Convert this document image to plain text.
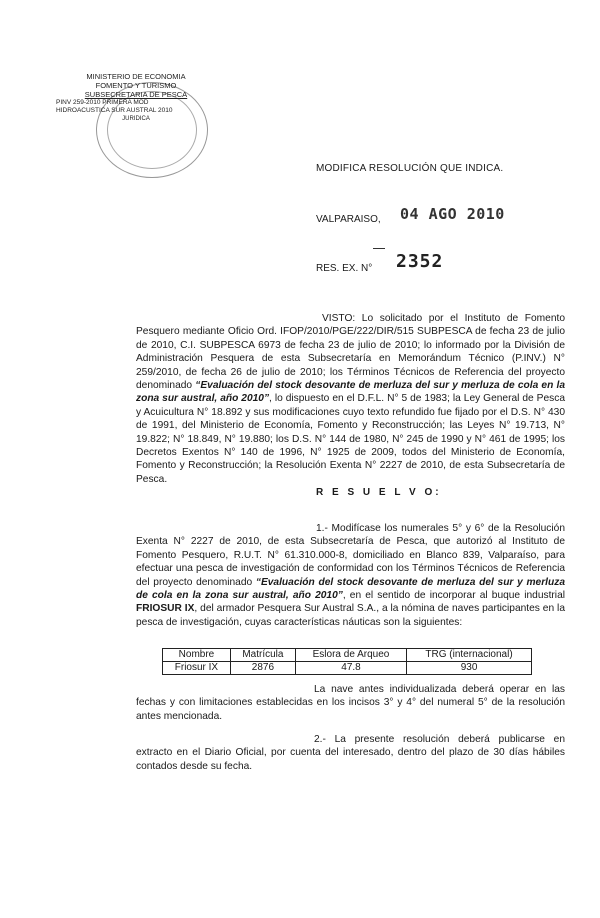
MINISTERIO DE ECONOMIA
FOMENTO Y TURISMO
SUBSECRETARIA DE PESCA
PINV 259-2010 PRIMERA MOD
HIDROACUSTICA SUR AUSTRAL 2010
JURIDICA
MODIFICA RESOLUCIÓN QUE INDICA.
VALPARAISO, 04 AGO 2010
RES. EX. N° 2352
VISTO: Lo solicitado por el Instituto de Fomento Pesquero mediante Oficio Ord. IFOP/2010/PGE/222/DIR/515 SUBPESCA de fecha 23 de julio de 2010, C.I. SUBPESCA 6973 de fecha 23 de julio de 2010; lo informado por la División de Administración Pesquera de esta Subsecretaría en Memorándum Técnico (P.INV.) N° 259/2010, de fecha 26 de julio de 2010; los Términos Técnicos de Referencia del proyecto denominado “Evaluación del stock desovante de merluza del sur y merluza de cola en la zona sur austral, año 2010”, lo dispuesto en el D.F.L. N° 5 de 1983; la Ley General de Pesca y Acuicultura N° 18.892 y sus modificaciones cuyo texto refundido fue fijado por el D.S. N° 430 de 1991, del Ministerio de Economía, Fomento y Reconstrucción; las Leyes N° 19.713, N° 19.822; N° 18.849, N° 19.880; los D.S. N° 144 de 1980, N° 245 de 1990 y N° 461 de 1995; los Decretos Exentos N° 140 de 1996, N° 1925 de 2009, todos del Ministerio de Economía, Fomento y Reconstrucción; la Resolución Exenta N° 2227 de 2010, de esta Subsecretaría de Pesca.
R E S U E L V O:
1.- Modifícase los numerales 5° y 6° de la Resolución Exenta N° 2227 de 2010, de esta Subsecretaría de Pesca, que autorizó al Instituto de Fomento Pesquero, R.U.T. N° 61.310.000-8, domiciliado en Blanco 839, Valparaíso, para efectuar una pesca de investigación de conformidad con los Términos Técnicos de Referencia del proyecto denominado “Evaluación del stock desovante de merluza del sur y merluza de cola en la zona sur austral, año 2010”, en el sentido de incorporar al buque industrial FRIOSUR IX, del armador Pesquera Sur Austral S.A., a la nómina de naves participantes en la pesca de investigación, cuyas características náuticas son la siguientes:
Nombre	Matrícula	Eslora de Arqueo	TRG (internacional)
Friosur IX	2876	47.8	930
La nave antes individualizada deberá operar en las fechas y con limitaciones establecidas en los incisos 3° y 4° del numeral 5° de la resolución antes mencionada.
2.- La presente resolución deberá publicarse en extracto en el Diario Oficial, por cuenta del interesado, dentro del plazo de 30 días hábiles contados desde su fecha.
